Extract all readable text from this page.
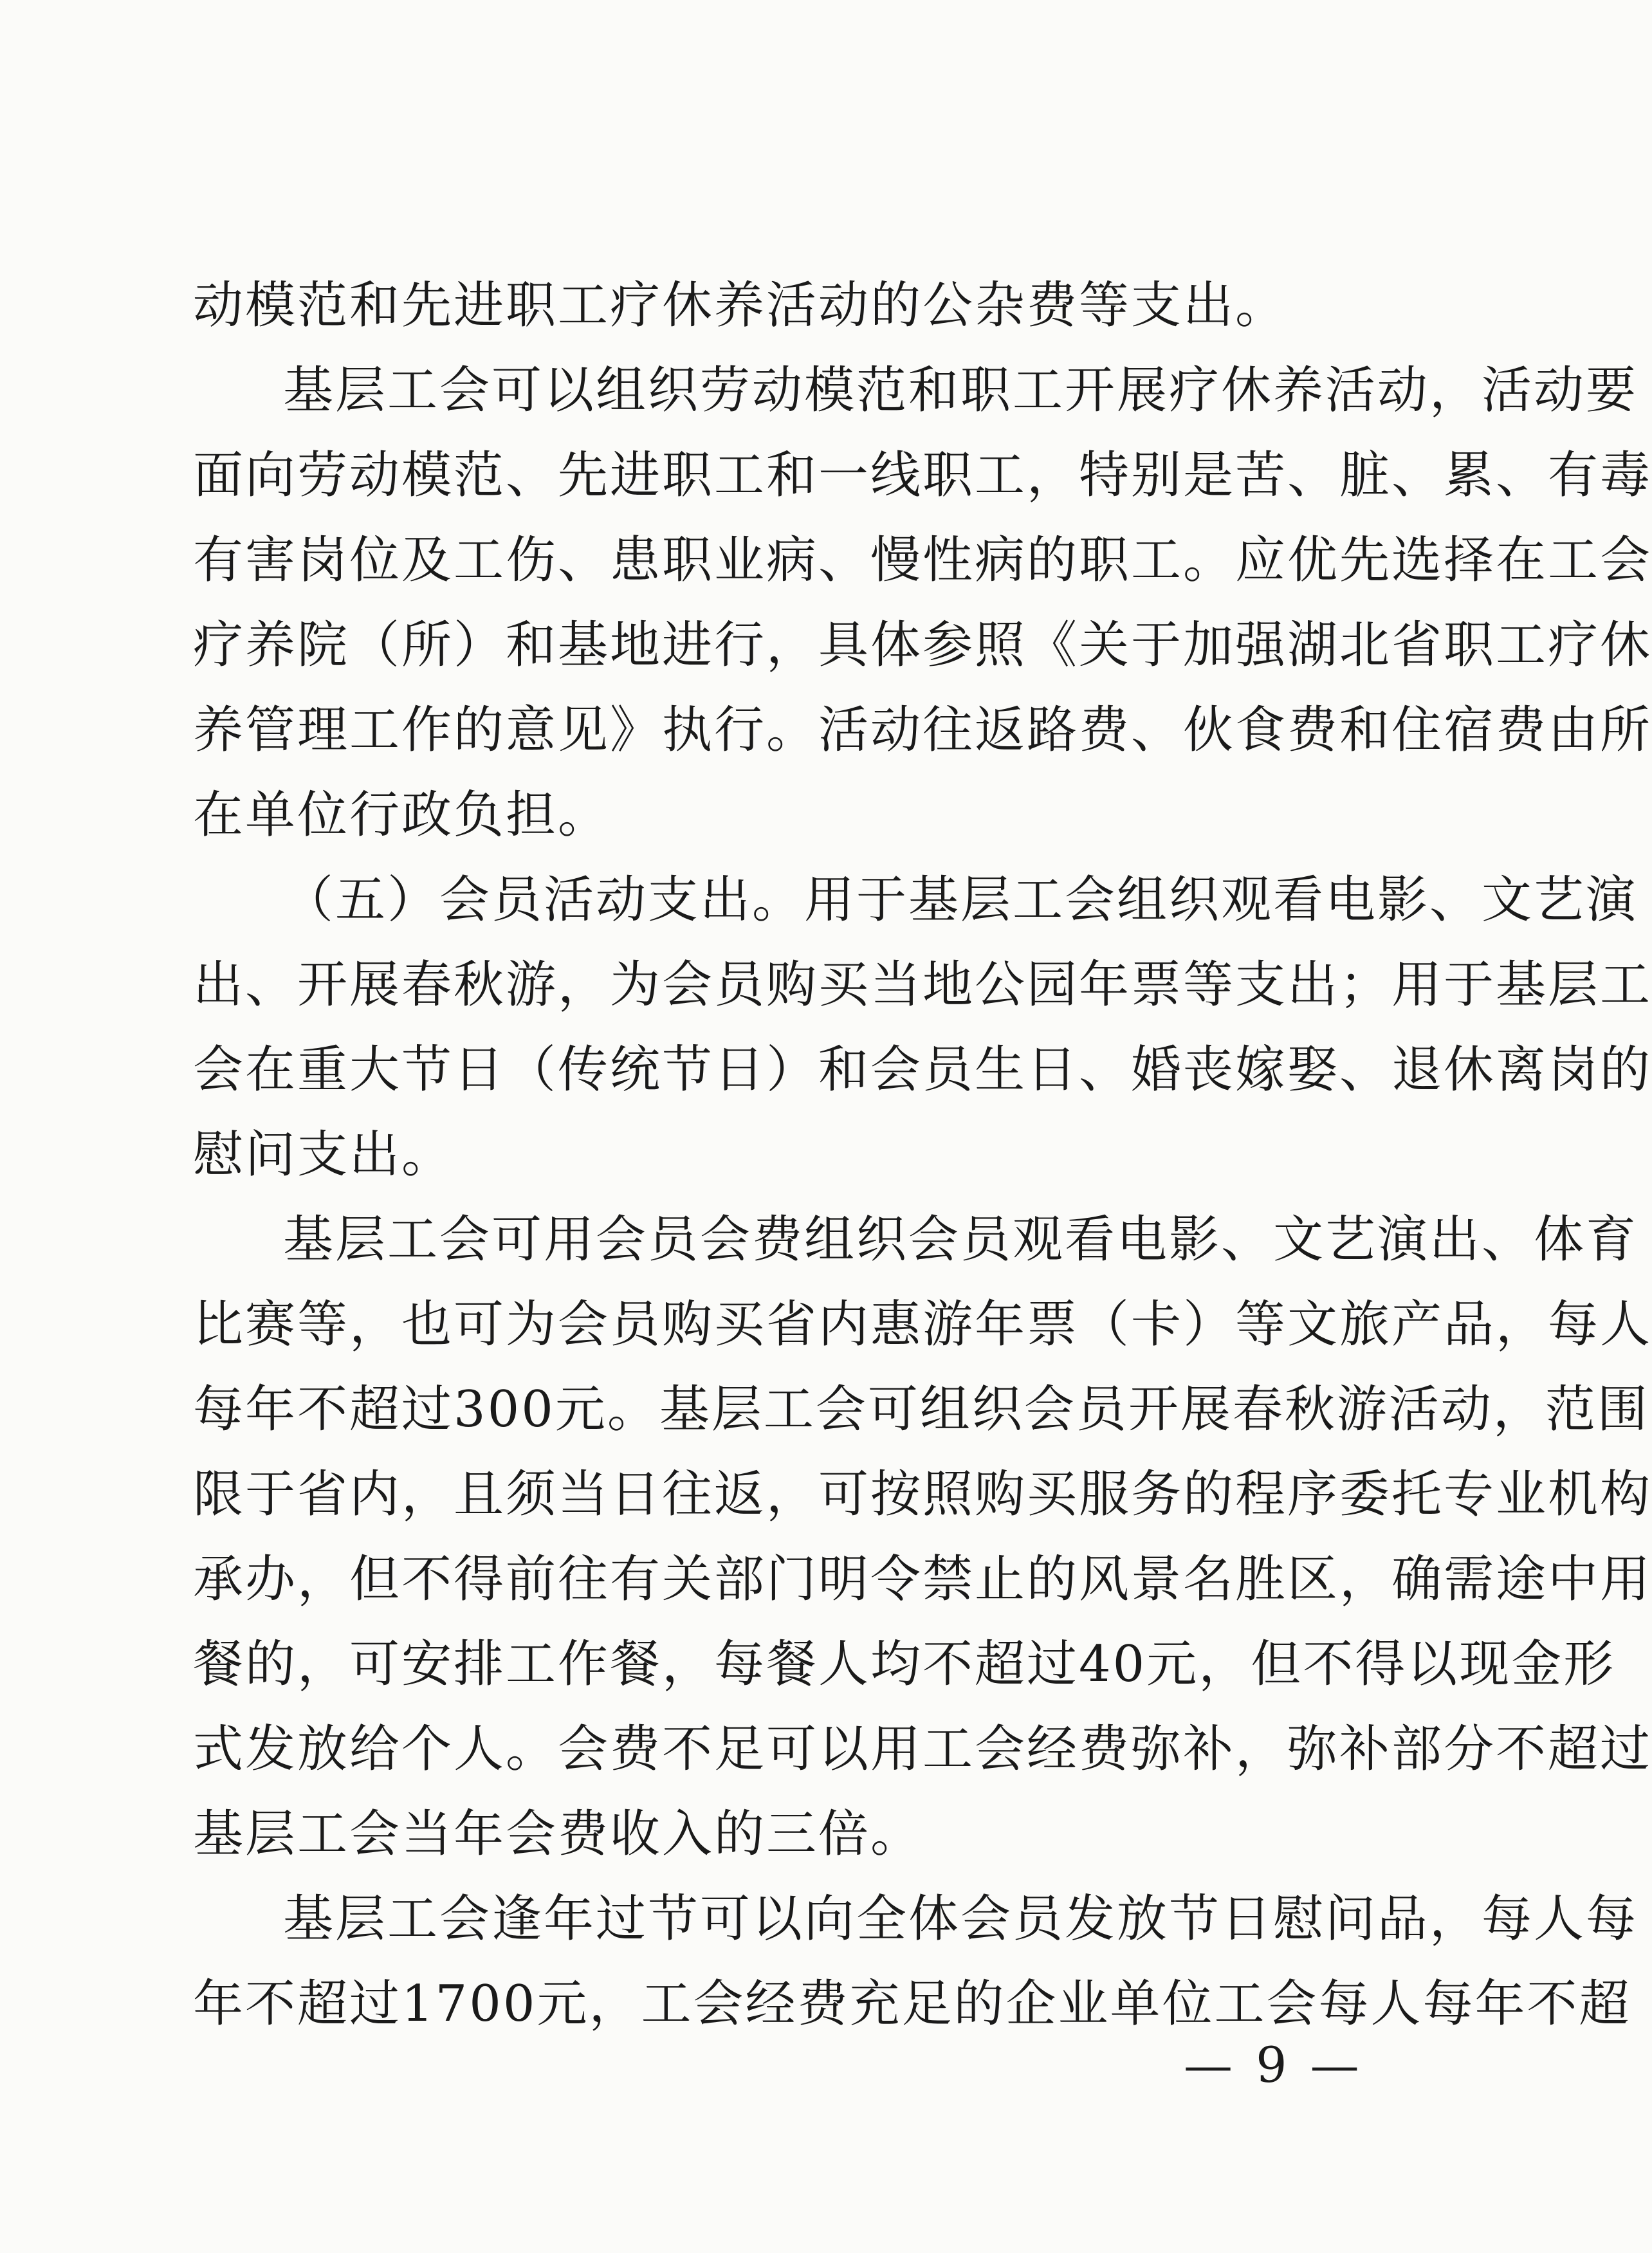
动模范和先进职工疗休养活动的公杂费等支出。
基层工会可以组织劳动模范和职工开展疗休养活动，活动要
面向劳动模范、先进职工和一线职工，特别是苦、脏、累、有毒
有害岗位及工伤、患职业病、慢性病的职工。应优先选择在工会
疗养院（所）和基地进行，具体参照《关于加强湖北省职工疗休
养管理工作的意见》执行。活动往返路费、伙食费和住宿费由所
在单位行政负担。
（五）会员活动支出。用于基层工会组织观看电影、文艺演
出、开展春秋游，为会员购买当地公园年票等支出；用于基层工
会在重大节日（传统节日）和会员生日、婚丧嫁娶、退休离岗的
慰问支出。
基层工会可用会员会费组织会员观看电影、文艺演出、体育
比赛等，也可为会员购买省内惠游年票（卡）等文旅产品，每人
每年不超过300元。基层工会可组织会员开展春秋游活动，范围
限于省内，且须当日往返，可按照购买服务的程序委托专业机构
承办，但不得前往有关部门明令禁止的风景名胜区，确需途中用
餐的，可安排工作餐，每餐人均不超过40元，但不得以现金形
式发放给个人。会费不足可以用工会经费弥补，弥补部分不超过
基层工会当年会费收入的三倍。
基层工会逢年过节可以向全体会员发放节日慰问品，每人每
年不超过1700元，工会经费充足的企业单位工会每人每年不超
— 9 —
